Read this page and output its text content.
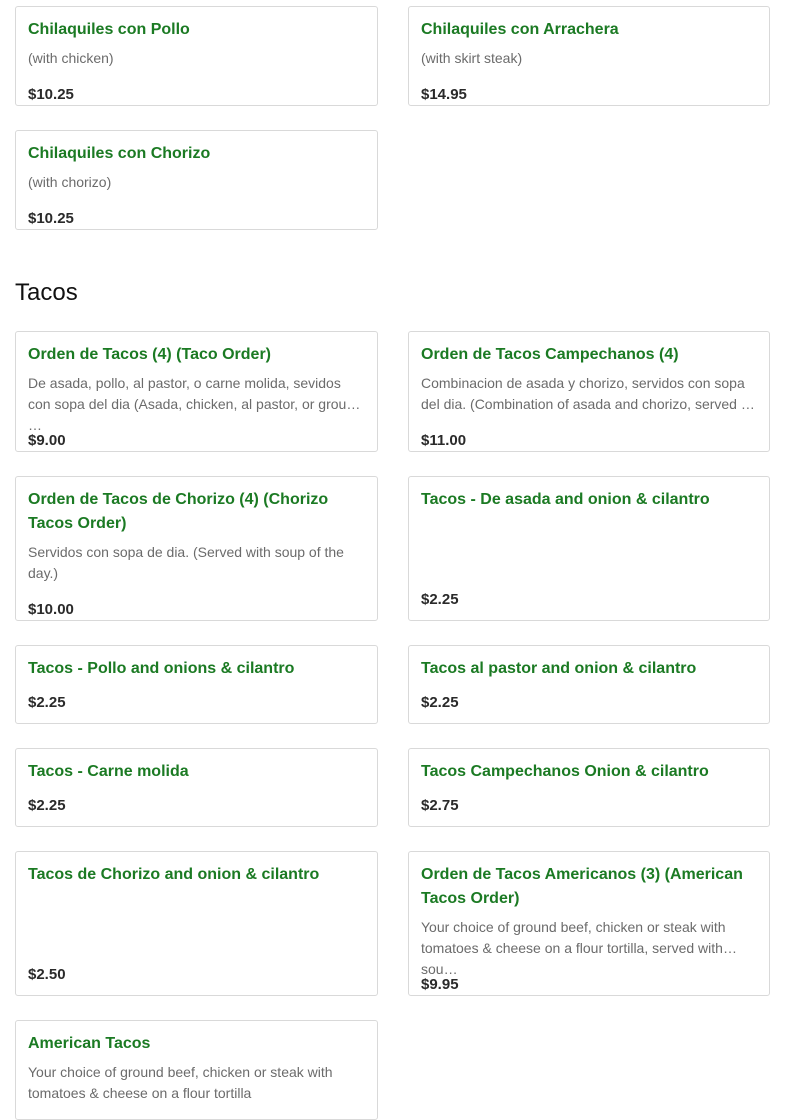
Chilaquiles con Pollo
(with chicken)
$10.25
Chilaquiles con Arrachera
(with skirt steak)
$14.95
Chilaquiles con Chorizo
(with chorizo)
$10.25
Tacos
Orden de Tacos (4) (Taco Order)
De asada, pollo, al pastor, o carne molida, sevidos con sopa del dia (Asada, chicken, al pastor, or ground …
$9.00
Orden de Tacos Campechanos (4)
Combinacion de asada y chorizo, servidos con sopa del dia. (Combination of asada and chorizo, served …
$11.00
Orden de Tacos de Chorizo (4) (Chorizo Tacos Order)
Servidos con sopa de dia. (Served with soup of the day.)
$10.00
Tacos - De asada and onion & cilantro
$2.25
Tacos - Pollo and onions & cilantro
$2.25
Tacos al pastor and onion & cilantro
$2.25
Tacos - Carne molida
$2.25
Tacos Campechanos Onion & cilantro
$2.75
Tacos de Chorizo and onion & cilantro
$2.50
Orden de Tacos Americanos (3) (American Tacos Order)
Your choice of ground beef, chicken or steak with tomatoes & cheese on a flour tortilla, served with sou…
$9.95
American Tacos
Your choice of ground beef, chicken or steak with tomatoes & cheese on a flour tortilla
